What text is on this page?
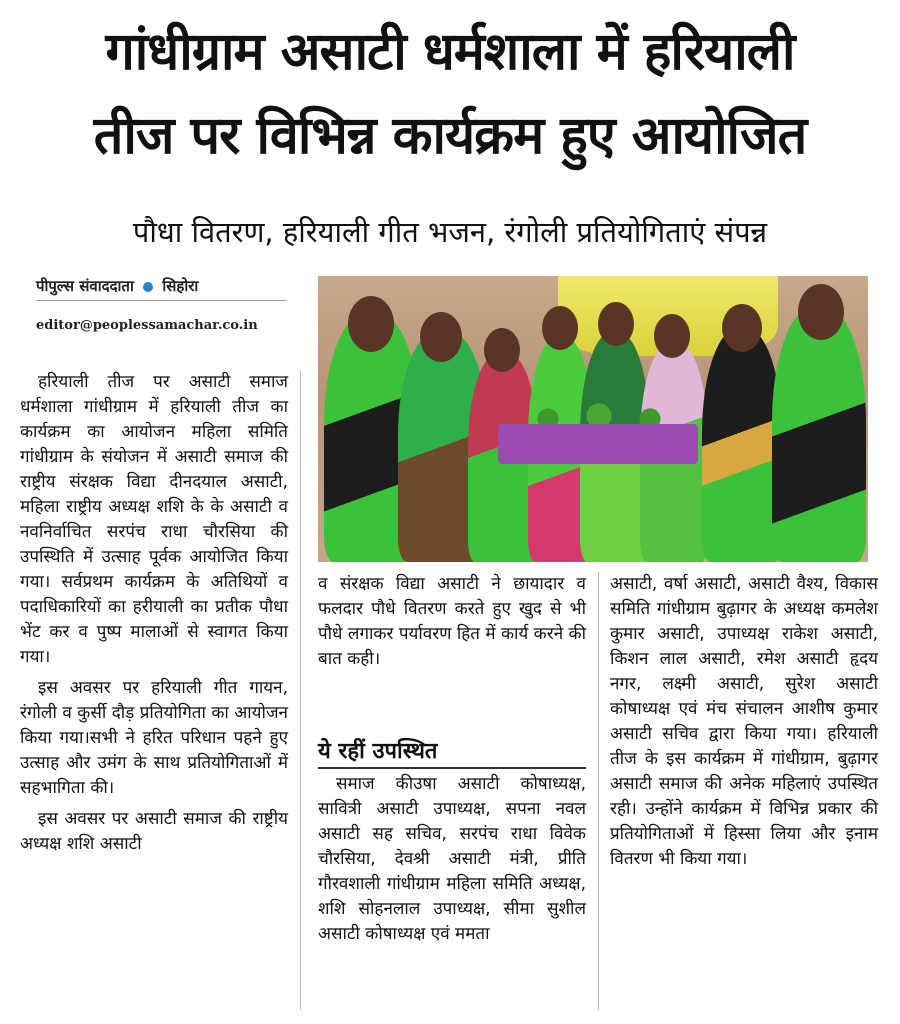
गांधीग्राम असाटी धर्मशाला में हरियाली
तीज पर विभिन्न कार्यक्रम हुए आयोजित
पौधा वितरण, हरियाली गीत भजन, रंगोली प्रतियोगिताएं संपन्न
पीपुल्स संवाददाता सिहोरा
editor@peoplessamachar.co.in

हरियाली तीज पर असाटी समाज धर्मशाला गांधीग्राम में हरियाली तीज का कार्यक्रम का आयोजन महिला समिति गांधीग्राम के संयोजन में असाटी समाज की राष्ट्रीय संरक्षक विद्या दीनदयाल असाटी, महिला राष्ट्रीय अध्यक्ष शशि के के असाटी व नवनिर्वाचित सरपंच राधा चौरसिया की उपस्थिति में उत्साह पूर्वक आयोजित किया गया। सर्वप्रथम कार्यक्रम के अतिथियों व पदाधिकारियों का हरीयाली का प्रतीक पौधा भेंट कर व पुष्प मालाओं से स्वागत किया गया।

इस अवसर पर हरियाली गीत गायन, रंगोली व कुर्सी दौड़ प्रतियोगिता का आयोजन किया गया।सभी ने हरित परिधान पहने हुए उत्साह और उमंग के साथ प्रतियोगिताओं में सहभागिता की।

इस अवसर पर असाटी समाज की राष्ट्रीय अध्यक्ष शशि असाटी

व संरक्षक विद्या असाटी ने छायादार व फलदार पौधे वितरण करते हुए खुद से भी पौधे लगाकर पर्यावरण हित में कार्य करने की बात कही।

ये रहीं उपस्थित

समाज कीउषा असाटी कोषाध्यक्ष, सावित्री असाटी उपाध्यक्ष, सपना नवल असाटी सह सचिव, सरपंच राधा विवेक चौरसिया, देवश्री असाटी मंत्री, प्रीति गौरवशाली गांधीग्राम महिला समिति अध्यक्ष, शशि सोहनलाल उपाध्यक्ष, सीमा सुशील असाटी कोषाध्यक्ष एवं ममता

असाटी, वर्षा असाटी, असाटी वैश्य, विकास समिति गांधीग्राम बुढ़ागर के अध्यक्ष कमलेश कुमार असाटी, उपाध्यक्ष राकेश असाटी, किशन लाल असाटी, रमेश असाटी हृदय नगर, लक्ष्मी असाटी, सुरेश असाटी कोषाध्यक्ष एवं मंच संचालन आशीष कुमार असाटी सचिव द्वारा किया गया। हरियाली तीज के इस कार्यक्रम में गांधीग्राम, बुढ़ागर असाटी समाज की अनेक महिलाएं उपस्थित रही। उन्होंने कार्यक्रम में विभिन्न प्रकार की प्रतियोगिताओं में हिस्सा लिया और इनाम वितरण भी किया गया।
